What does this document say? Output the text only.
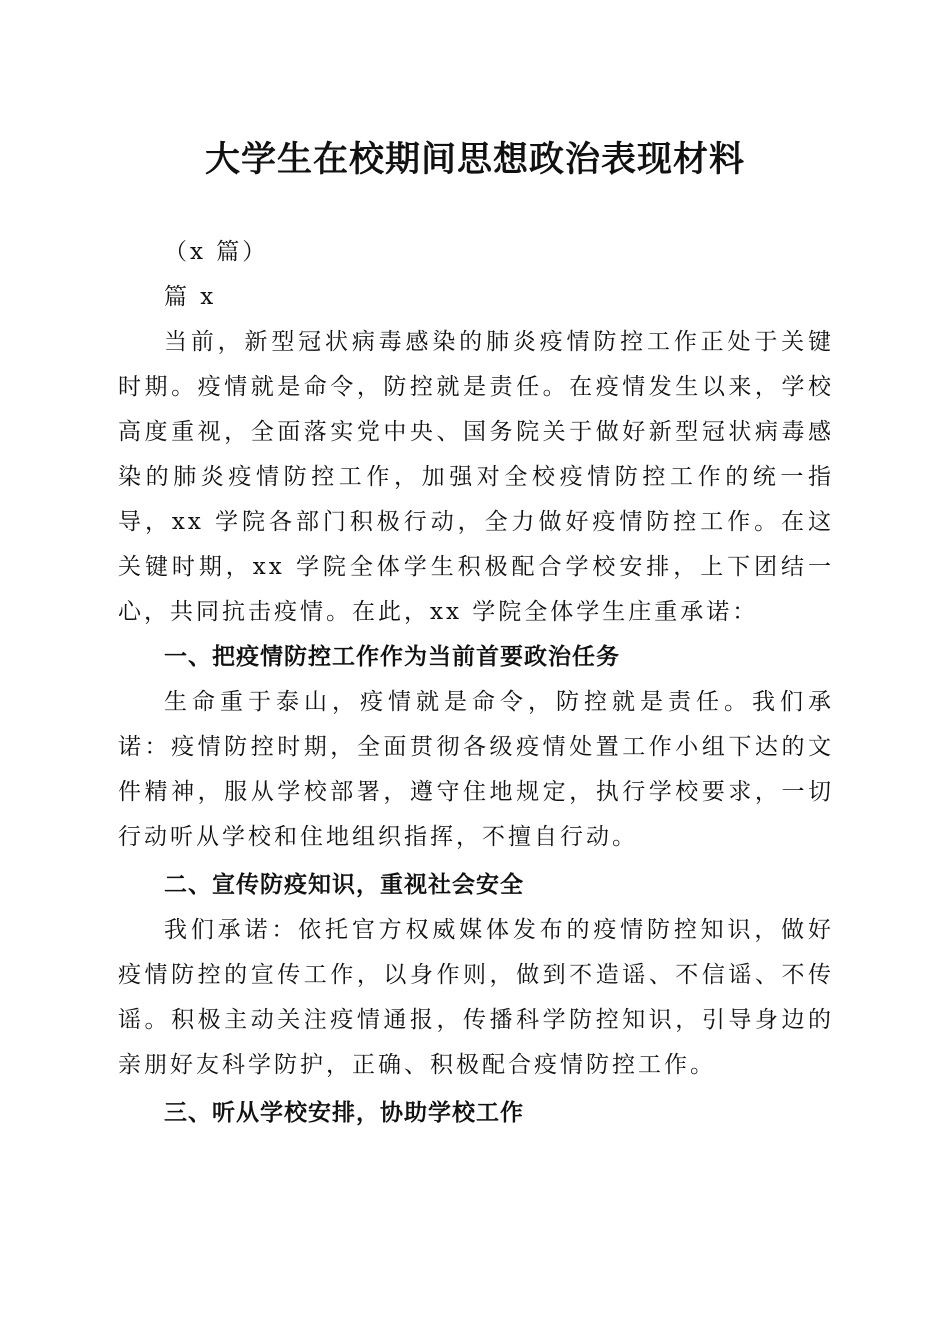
大学生在校期间思想政治表现材料

（x 篇）

篇 x

当前，新型冠状病毒感染的肺炎疫情防控工作正处于关键时期。疫情就是命令，防控就是责任。在疫情发生以来，学校高度重视，全面落实党中央、国务院关于做好新型冠状病毒感染的肺炎疫情防控工作，加强对全校疫情防控工作的统一指导，xx 学院各部门积极行动，全力做好疫情防控工作。在这关键时期，xx 学院全体学生积极配合学校安排，上下团结一心，共同抗击疫情。在此，xx 学院全体学生庄重承诺：

一、把疫情防控工作作为当前首要政治任务

生命重于泰山，疫情就是命令，防控就是责任。我们承诺：疫情防控时期，全面贯彻各级疫情处置工作小组下达的文件精神，服从学校部署，遵守住地规定，执行学校要求，一切行动听从学校和住地组织指挥，不擅自行动。

二、宣传防疫知识，重视社会安全

我们承诺：依托官方权威媒体发布的疫情防控知识，做好疫情防控的宣传工作，以身作则，做到不造谣、不信谣、不传谣。积极主动关注疫情通报，传播科学防控知识，引导身边的亲朋好友科学防护，正确、积极配合疫情防控工作。

三、听从学校安排，协助学校工作
